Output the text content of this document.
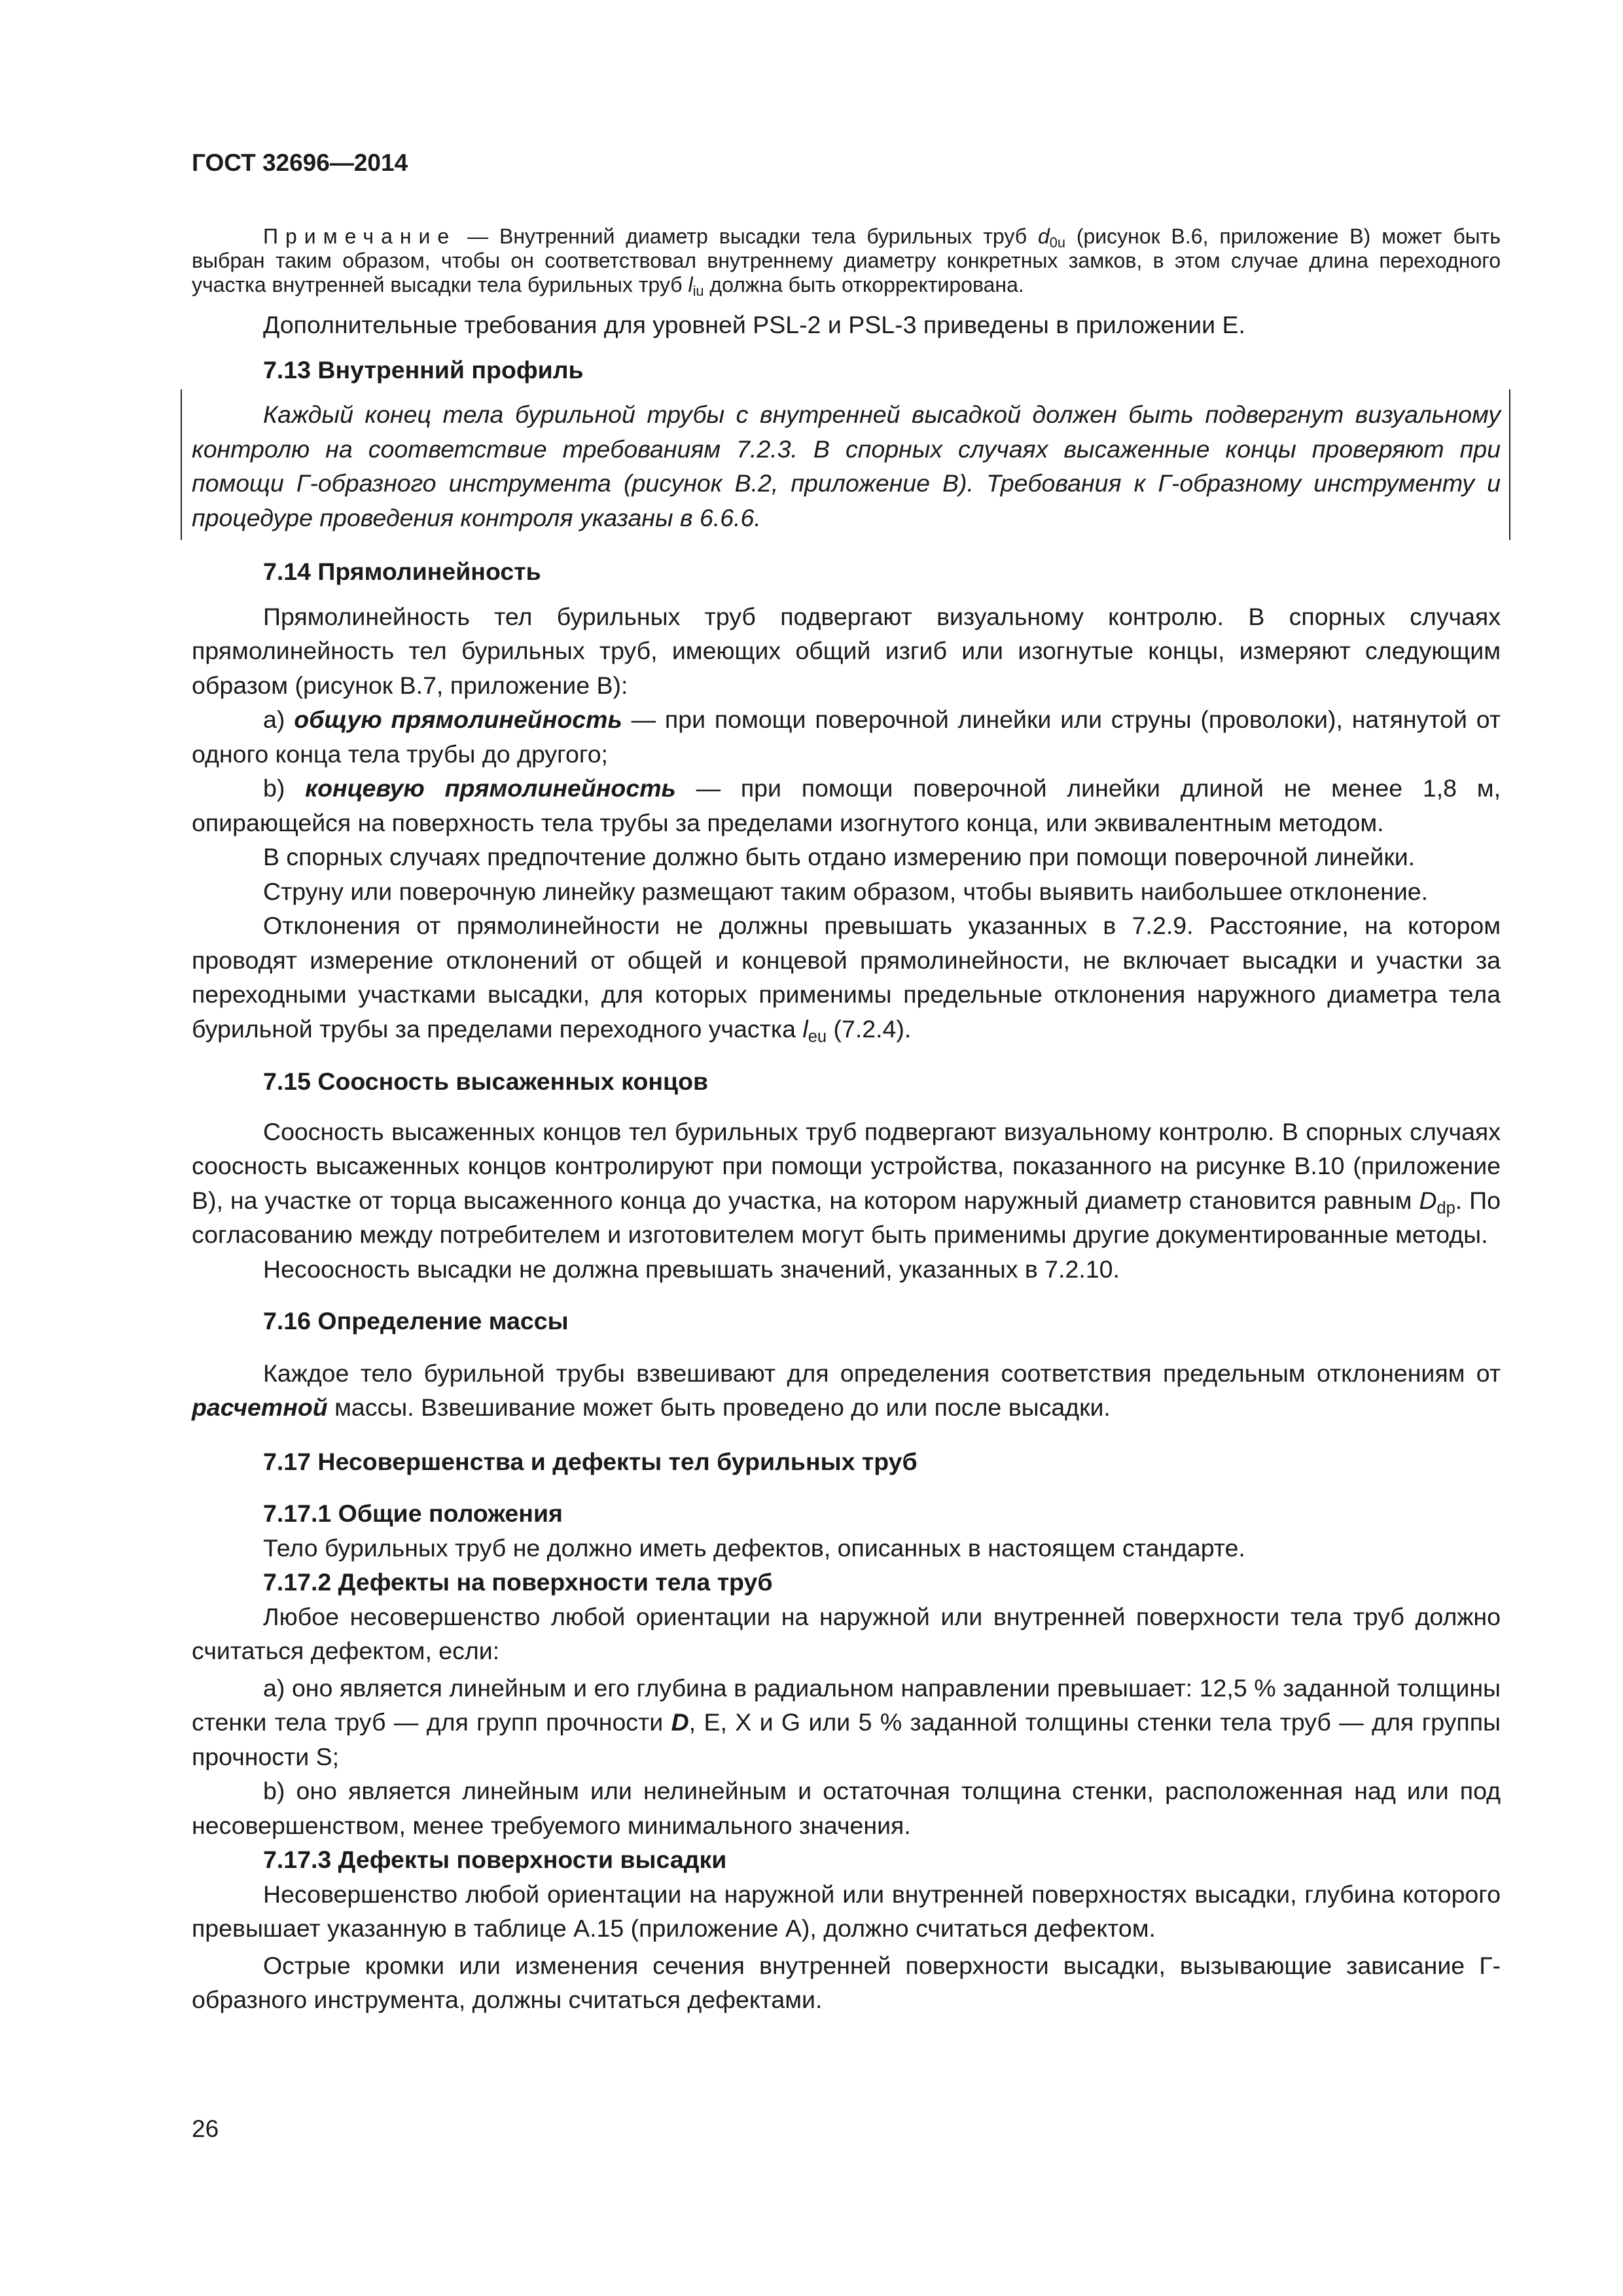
ГОСТ 32696—2014

Примечание — Внутренний диаметр высадки тела бурильных труб $d_{0u}$ (рисунок В.6, приложение В) может быть выбран таким образом, чтобы он соответствовал внутреннему диаметру конкретных замков, в этом случае длина переходного участка внутренней высадки тела бурильных труб $l_{iu}$ должна быть откорректирована.

Дополнительные требования для уровней PSL-2 и PSL-3 приведены в приложении Е.

7.13 Внутренний профиль

Каждый конец тела бурильной трубы с внутренней высадкой должен быть подвергнут визуальному контролю на соответствие требованиям 7.2.3. В спорных случаях высаженные концы проверяют при помощи Г-образного инструмента (рисунок В.2, приложение В). Требования к Г-образному инструменту и процедуре проведения контроля указаны в 6.6.6.

7.14 Прямолинейность

Прямолинейность тел бурильных труб подвергают визуальному контролю. В спорных случаях прямолинейность тел бурильных труб, имеющих общий изгиб или изогнутые концы, измеряют следующим образом (рисунок В.7, приложение В):

а) общую прямолинейность — при помощи поверочной линейки или струны (проволоки), натянутой от одного конца тела трубы до другого;

b) концевую прямолинейность — при помощи поверочной линейки длиной не менее 1,8 м, опирающейся на поверхность тела трубы за пределами изогнутого конца, или эквивалентным методом.

В спорных случаях предпочтение должно быть отдано измерению при помощи поверочной линейки.

Струну или поверочную линейку размещают таким образом, чтобы выявить наибольшее отклонение.

Отклонения от прямолинейности не должны превышать указанных в 7.2.9. Расстояние, на котором проводят измерение отклонений от общей и концевой прямолинейности, не включает высадки и участки за переходными участками высадки, для которых применимы предельные отклонения наружного диаметра тела бурильной трубы за пределами переходного участка $l_{eu}$ (7.2.4).

7.15 Соосность высаженных концов

Соосность высаженных концов тел бурильных труб подвергают визуальному контролю. В спорных случаях соосность высаженных концов контролируют при помощи устройства, показанного на рисунке В.10 (приложение В), на участке от торца высаженного конца до участка, на котором наружный диаметр становится равным $D_{dp}$. По согласованию между потребителем и изготовителем могут быть применимы другие документированные методы.

Несоосность высадки не должна превышать значений, указанных в 7.2.10.

7.16 Определение массы

Каждое тело бурильной трубы взвешивают для определения соответствия предельным отклонениям от расчетной массы. Взвешивание может быть проведено до или после высадки.

7.17 Несовершенства и дефекты тел бурильных труб
7.17.1 Общие положения

Тело бурильных труб не должно иметь дефектов, описанных в настоящем стандарте.

7.17.2 Дефекты на поверхности тела труб

Любое несовершенство любой ориентации на наружной или внутренней поверхности тела труб должно считаться дефектом, если:

а) оно является линейным и его глубина в радиальном направлении превышает: 12,5 % заданной толщины стенки тела труб — для групп прочности D, Е, X и G или 5 % заданной толщины стенки тела труб — для группы прочности S;

b) оно является линейным или нелинейным и остаточная толщина стенки, расположенная над или под несовершенством, менее требуемого минимального значения.

7.17.3 Дефекты поверхности высадки

Несовершенство любой ориентации на наружной или внутренней поверхностях высадки, глубина которого превышает указанную в таблице А.15 (приложение А), должно считаться дефектом.

Острые кромки или изменения сечения внутренней поверхности высадки, вызывающие зависание Г-образного инструмента, должны считаться дефектами.

26
